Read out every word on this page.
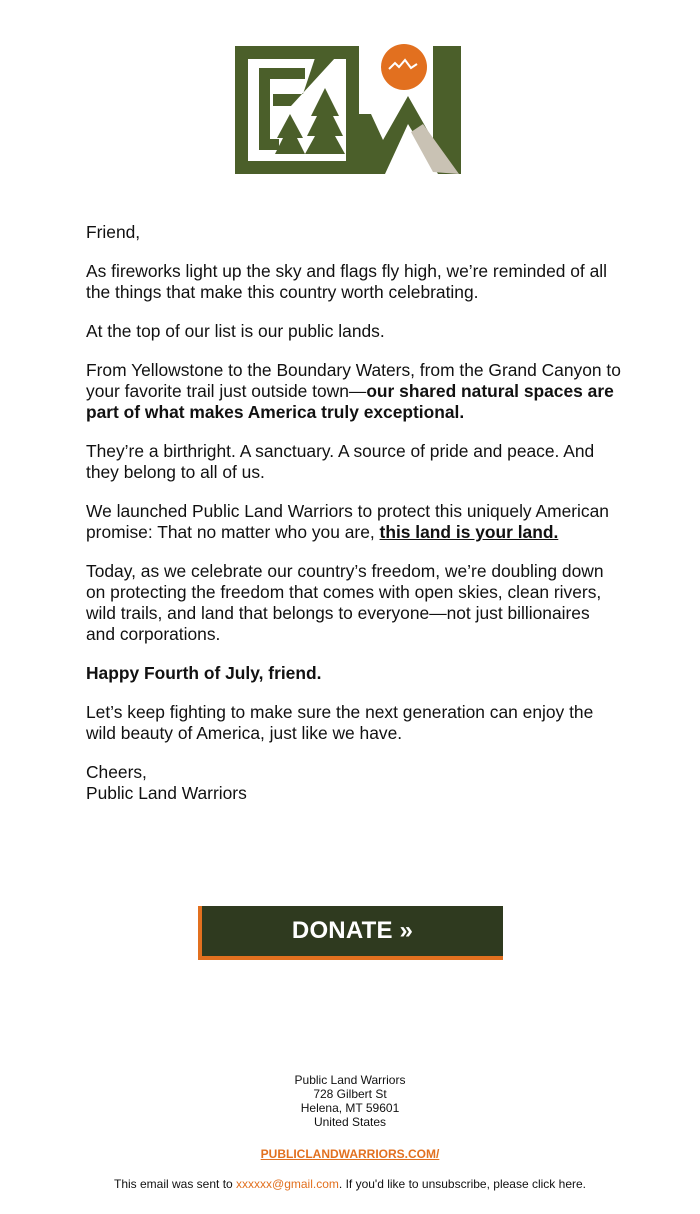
Friend,

As fireworks light up the sky and flags fly high, we’re reminded of all the things that make this country worth celebrating.

At the top of our list is our public lands.

From Yellowstone to the Boundary Waters, from the Grand Canyon to your favorite trail just outside town—our shared natural spaces are part of what makes America truly exceptional.

They’re a birthright. A sanctuary. A source of pride and peace. And they belong to all of us.

We launched Public Land Warriors to protect this uniquely American promise: That no matter who you are, this land is your land.

Today, as we celebrate our country’s freedom, we’re doubling down on protecting the freedom that comes with open skies, clean rivers, wild trails, and land that belongs to everyone—not just billionaires and corporations.

Happy Fourth of July, friend.

Let’s keep fighting to make sure the next generation can enjoy the wild beauty of America, just like we have.

Cheers,

Public Land Warriors

DONATE »
Public Land Warriors
728 Gilbert St
Helena, MT 59601
United States
PUBLICLANDWARRIORS.COM/
This email was sent to xxxxxx@gmail.com. If you'd like to unsubscribe, please click here.
